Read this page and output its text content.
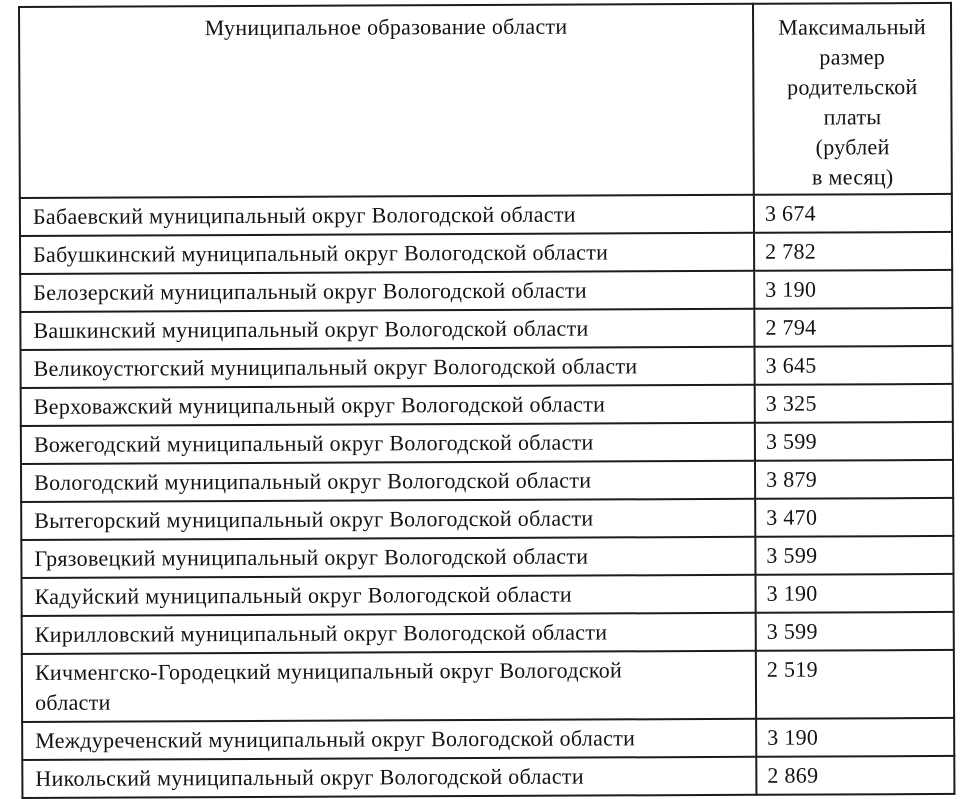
Муниципальное образование области	Максимальный
размер
родительской
платы
(рублей
в месяц)
Бабаевский муниципальный округ Вологодской области	3 674
Бабушкинский муниципальный округ Вологодской области	2 782
Белозерский муниципальный округ Вологодской области	3 190
Вашкинский муниципальный округ Вологодской области	2 794
Великоустюгский муниципальный округ Вологодской области	3 645
Верховажский муниципальный округ Вологодской области	3 325
Вожегодский муниципальный округ Вологодской области	3 599
Вологодский муниципальный округ Вологодской области	3 879
Вытегорский муниципальный округ Вологодской области	3 470
Грязовецкий муниципальный округ Вологодской области	3 599
Кадуйский муниципальный округ Вологодской области	3 190
Кирилловский муниципальный округ Вологодской области	3 599
Кичменгско-Городецкий муниципальный округ Вологодской области	2 519
Междуреченский муниципальный округ Вологодской области	3 190
Никольский муниципальный округ Вологодской области	2 869
